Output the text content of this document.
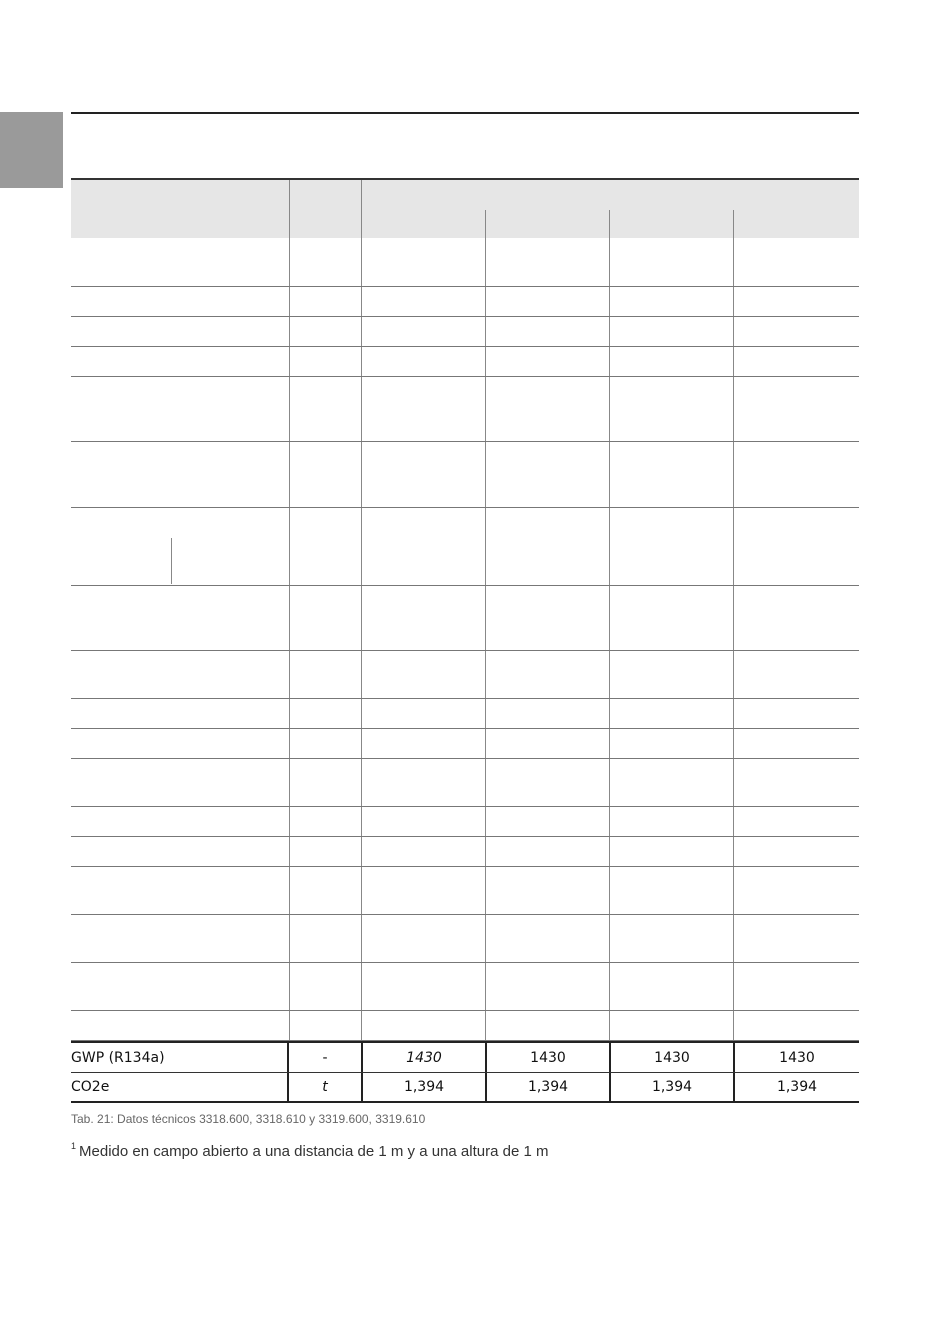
GWP (R134a)	-	1430	1430	1430	1430
CO2e	t	1,394	1,394	1,394	1,394
Tab. 21: Datos técnicos 3318.600, 3318.610 y 3319.600, 3319.610
$^1$ Medido en campo abierto a una distancia de 1 m y a una altura de 1 m
